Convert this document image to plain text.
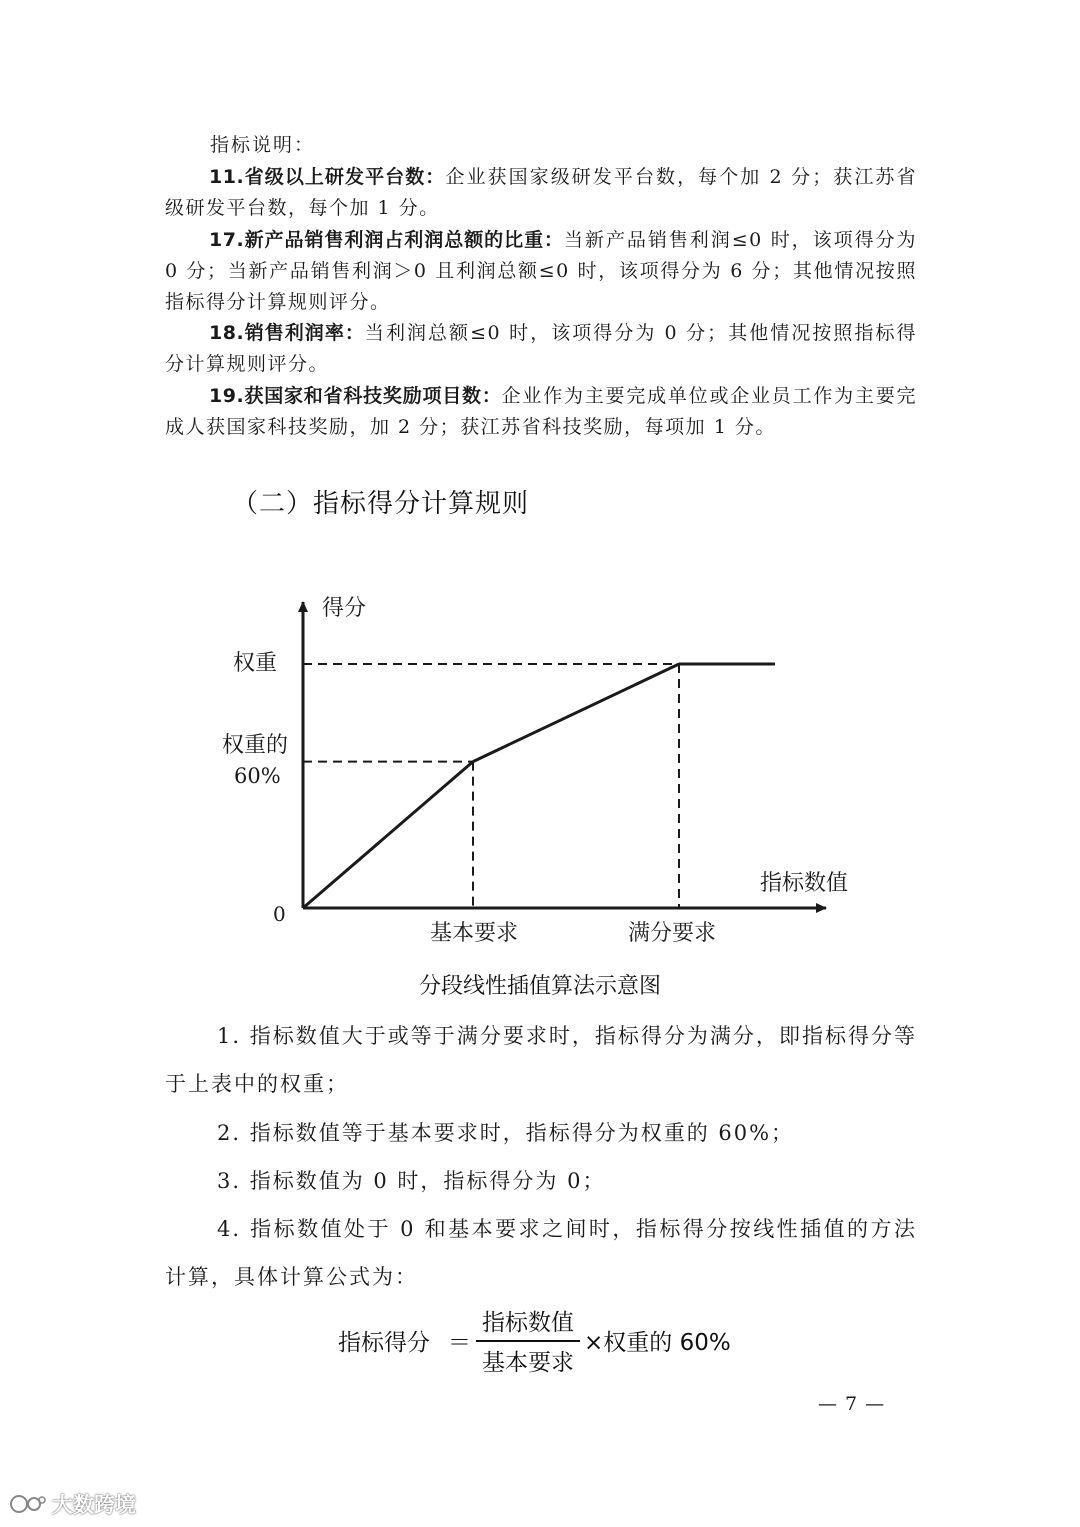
指标说明：
11.省级以上研发平台数：企业获国家级研发平台数，每个加 2 分；获江苏省级研发平台数，每个加 1 分。
17.新产品销售利润占利润总额的比重：当新产品销售利润≤0 时，该项得分为 0 分；当新产品销售利润＞0 且利润总额≤0 时，该项得分为 6 分；其他情况按照指标得分计算规则评分。
18.销售利润率：当利润总额≤0 时，该项得分为 0 分；其他情况按照指标得分计算规则评分。
19.获国家和省科技奖励项目数：企业作为主要完成单位或企业员工作为主要完成人获国家科技奖励，加 2 分；获江苏省科技奖励，每项加 1 分。
（二）指标得分计算规则
得分
指标数值
0
权重
权重的
60%
基本要求	满分要求
分段线性插值算法示意图
1. 指标数值大于或等于满分要求时，指标得分为满分，即指标得分等于上表中的权重；
2. 指标数值等于基本要求时，指标得分为权重的 60%；
3. 指标数值为 0 时，指标得分为 0；
4. 指标数值处于 0 和基本要求之间时，指标得分按线性插值的方法计算，具体计算公式为：
指标得分 ＝
指标数值
基本要求
×权重的 60%
— 7 —
大数跨境
